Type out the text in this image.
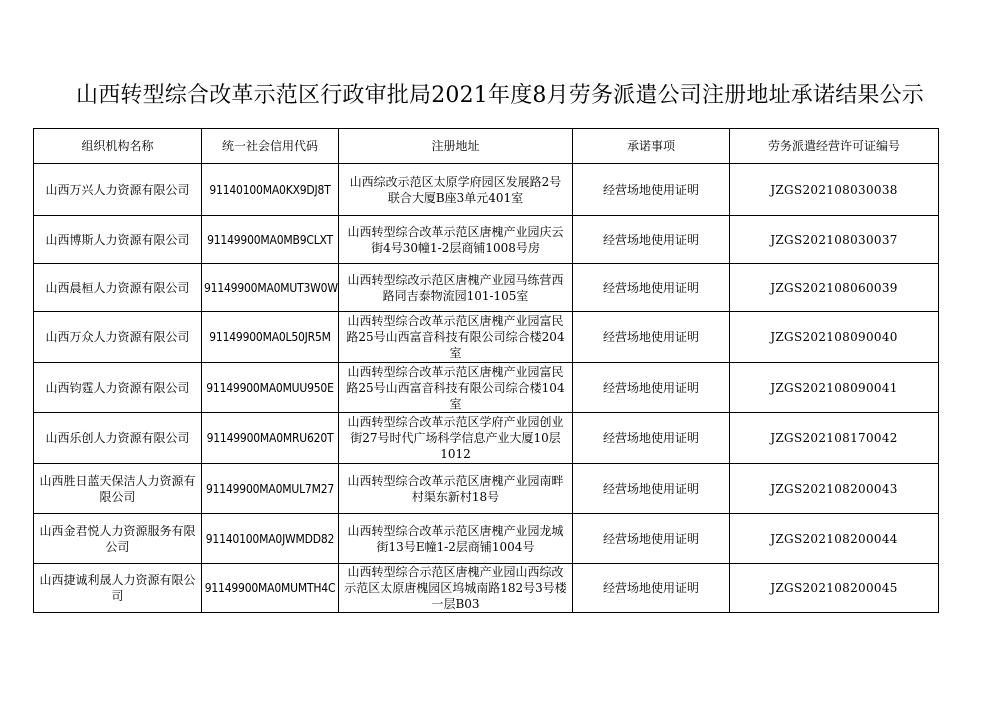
山西转型综合改革示范区行政审批局2021年度8月劳务派遣公司注册地址承诺结果公示
组织机构名称	统一社会信用代码	注册地址	承诺事项	劳务派遣经营许可证编号
山西万兴人力资源有限公司	91140100MA0KX9DJ8T	山西综改示范区太原学府园区发展路2号联合大厦B座3单元401室	经营场地使用证明	JZGS202108030038
山西博斯人力资源有限公司	91149900MA0MB9CLXT	山西转型综合改革示范区唐槐产业园庆云街4号30幢1-2层商铺1008号房	经营场地使用证明	JZGS202108030037
山西晨桓人力资源有限公司	91149900MA0MUT3W0W	山西转型综改示范区唐槐产业园马练营西路同吉泰物流园101-105室	经营场地使用证明	JZGS202108060039
山西万众人力资源有限公司	91149900MA0L50JR5M	山西转型综合改革示范区唐槐产业园富民路25号山西富音科技有限公司综合楼204室	经营场地使用证明	JZGS202108090040
山西钧霆人力资源有限公司	91149900MA0MUU950E	山西转型综合改革示范区唐槐产业园富民路25号山西富音科技有限公司综合楼104室	经营场地使用证明	JZGS202108090041
山西乐创人力资源有限公司	91149900MA0MRU620T	山西转型综合改革示范区学府产业园创业街27号时代广场科学信息产业大厦10层1012	经营场地使用证明	JZGS202108170042
山西胜日蓝天保洁人力资源有限公司	91149900MA0MUL7M27	山西转型综合改革示范区唐槐产业园南畔村渠东新村18号	经营场地使用证明	JZGS202108200043
山西金君悦人力资源服务有限公司	91140100MA0JWMDD82	山西转型综合改革示范区唐槐产业园龙城街13号E幢1-2层商铺1004号	经营场地使用证明	JZGS202108200044
山西捷诚利晟人力资源有限公司	91149900MA0MUMTH4C	山西转型综合示范区唐槐产业园山西综改示范区太原唐槐园区坞城南路182号3号楼一层B03	经营场地使用证明	JZGS202108200045
